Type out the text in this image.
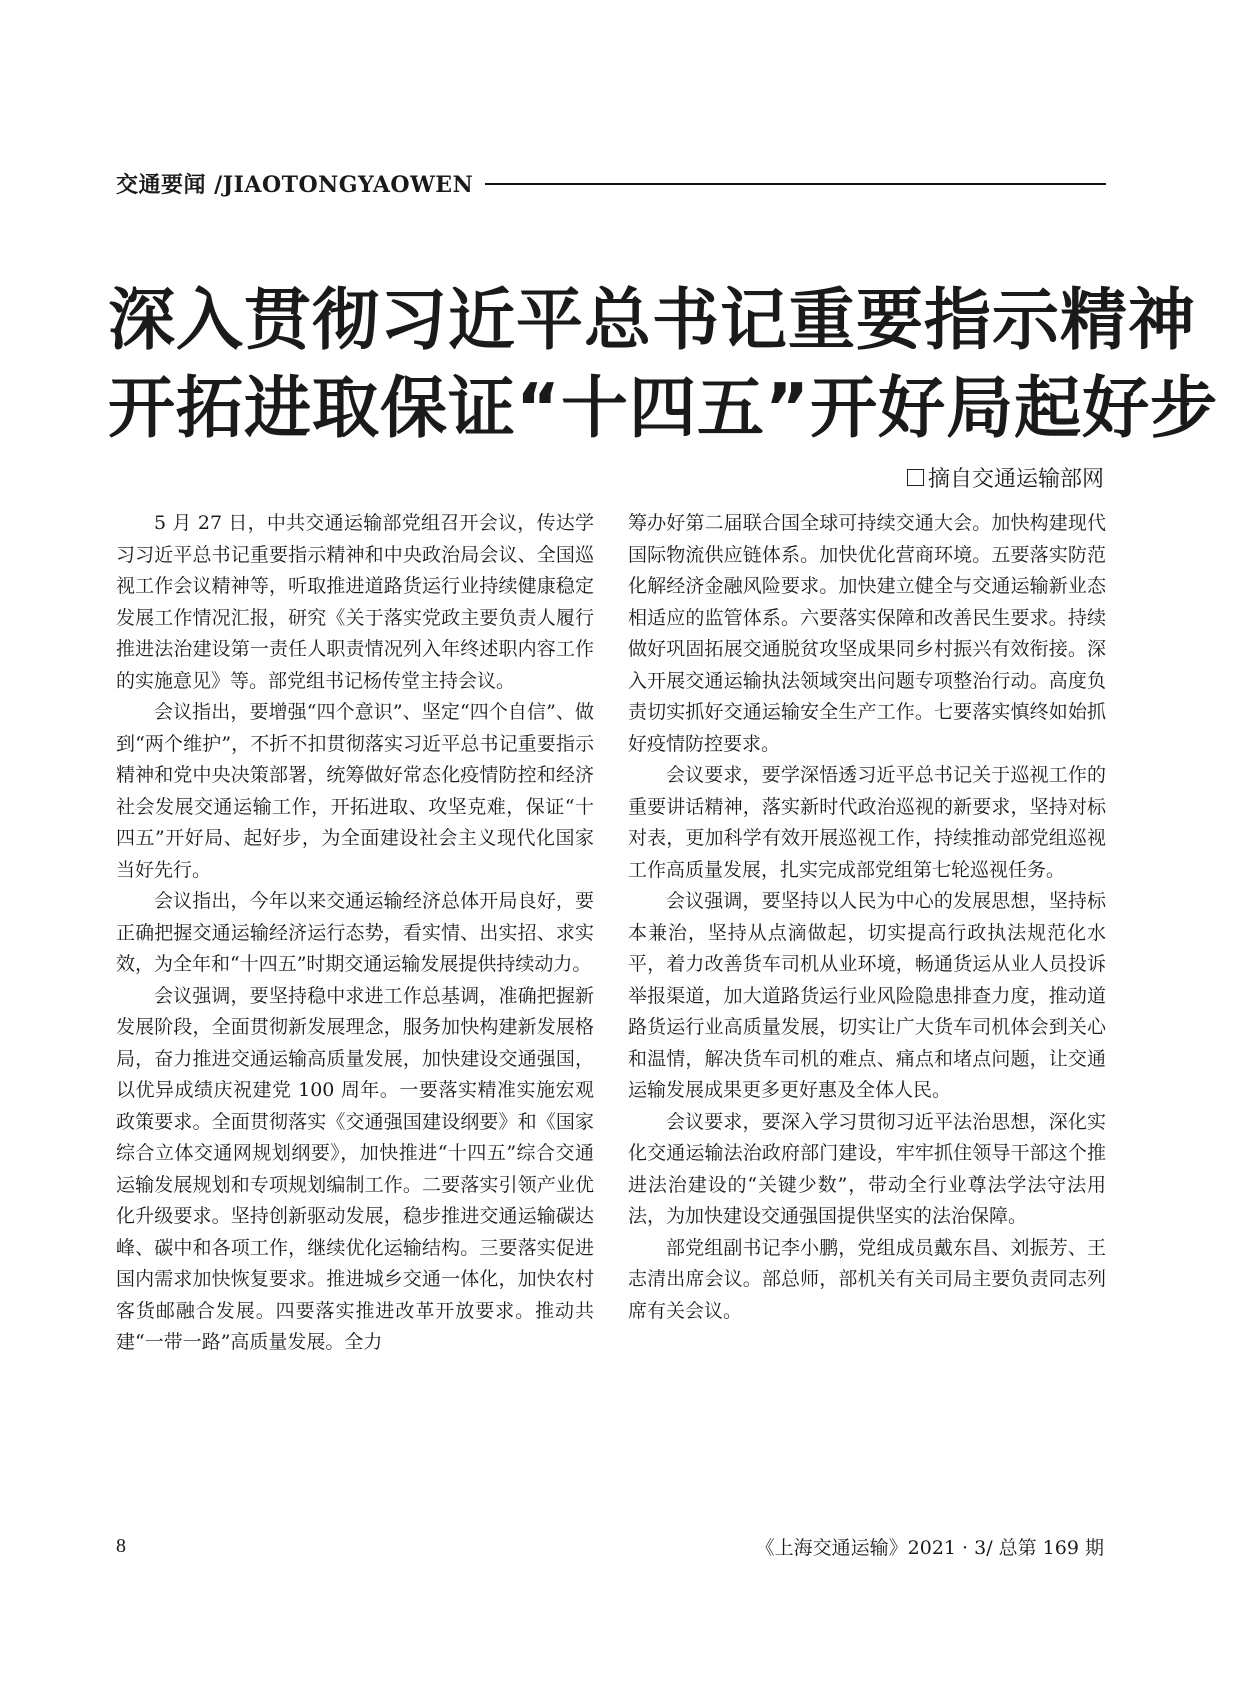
交通要闻 /JIAOTONGYAOWEN
深入贯彻习近平总书记重要指示精神
开拓进取保证“十四五”开好局起好步
摘自交通运输部网

5 月 27 日，中共交通运输部党组召开会议，传达学习习近平总书记重要指示精神和中央政治局会议、全国巡视工作会议精神等，听取推进道路货运行业持续健康稳定发展工作情况汇报，研究《关于落实党政主要负责人履行推进法治建设第一责任人职责情况列入年终述职内容工作的实施意见》等。部党组书记杨传堂主持会议。

会议指出，要增强“四个意识”、坚定“四个自信”、做到“两个维护”，不折不扣贯彻落实习近平总书记重要指示精神和党中央决策部署，统筹做好常态化疫情防控和经济社会发展交通运输工作，开拓进取、攻坚克难，保证“十四五”开好局、起好步，为全面建设社会主义现代化国家当好先行。

会议指出，今年以来交通运输经济总体开局良好，要正确把握交通运输经济运行态势，看实情、出实招、求实效，为全年和“十四五”时期交通运输发展提供持续动力。

会议强调，要坚持稳中求进工作总基调，准确把握新发展阶段，全面贯彻新发展理念，服务加快构建新发展格局，奋力推进交通运输高质量发展，加快建设交通强国，以优异成绩庆祝建党 100 周年。一要落实精准实施宏观政策要求。全面贯彻落实《交通强国建设纲要》和《国家综合立体交通网规划纲要》，加快推进“十四五”综合交通运输发展规划和专项规划编制工作。二要落实引领产业优化升级要求。坚持创新驱动发展，稳步推进交通运输碳达峰、碳中和各项工作，继续优化运输结构。三要落实促进国内需求加快恢复要求。推进城乡交通一体化，加快农村客货邮融合发展。四要落实推进改革开放要求。推动共建“一带一路”高质量发展。全力

筹办好第二届联合国全球可持续交通大会。加快构建现代国际物流供应链体系。加快优化营商环境。五要落实防范化解经济金融风险要求。加快建立健全与交通运输新业态相适应的监管体系。六要落实保障和改善民生要求。持续做好巩固拓展交通脱贫攻坚成果同乡村振兴有效衔接。深入开展交通运输执法领域突出问题专项整治行动。高度负责切实抓好交通运输安全生产工作。七要落实慎终如始抓好疫情防控要求。

会议要求，要学深悟透习近平总书记关于巡视工作的重要讲话精神，落实新时代政治巡视的新要求，坚持对标对表，更加科学有效开展巡视工作，持续推动部党组巡视工作高质量发展，扎实完成部党组第七轮巡视任务。

会议强调，要坚持以人民为中心的发展思想，坚持标本兼治，坚持从点滴做起，切实提高行政执法规范化水平，着力改善货车司机从业环境，畅通货运从业人员投诉举报渠道，加大道路货运行业风险隐患排查力度，推动道路货运行业高质量发展，切实让广大货车司机体会到关心和温情，解决货车司机的难点、痛点和堵点问题，让交通运输发展成果更多更好惠及全体人民。

会议要求，要深入学习贯彻习近平法治思想，深化实化交通运输法治政府部门建设，牢牢抓住领导干部这个推进法治建设的“关键少数”，带动全行业尊法学法守法用法，为加快建设交通强国提供坚实的法治保障。

部党组副书记李小鹏，党组成员戴东昌、刘振芳、王志清出席会议。部总师，部机关有关司局主要负责同志列席有关会议。

8	《上海交通运输》2021 · 3/ 总第 169 期
